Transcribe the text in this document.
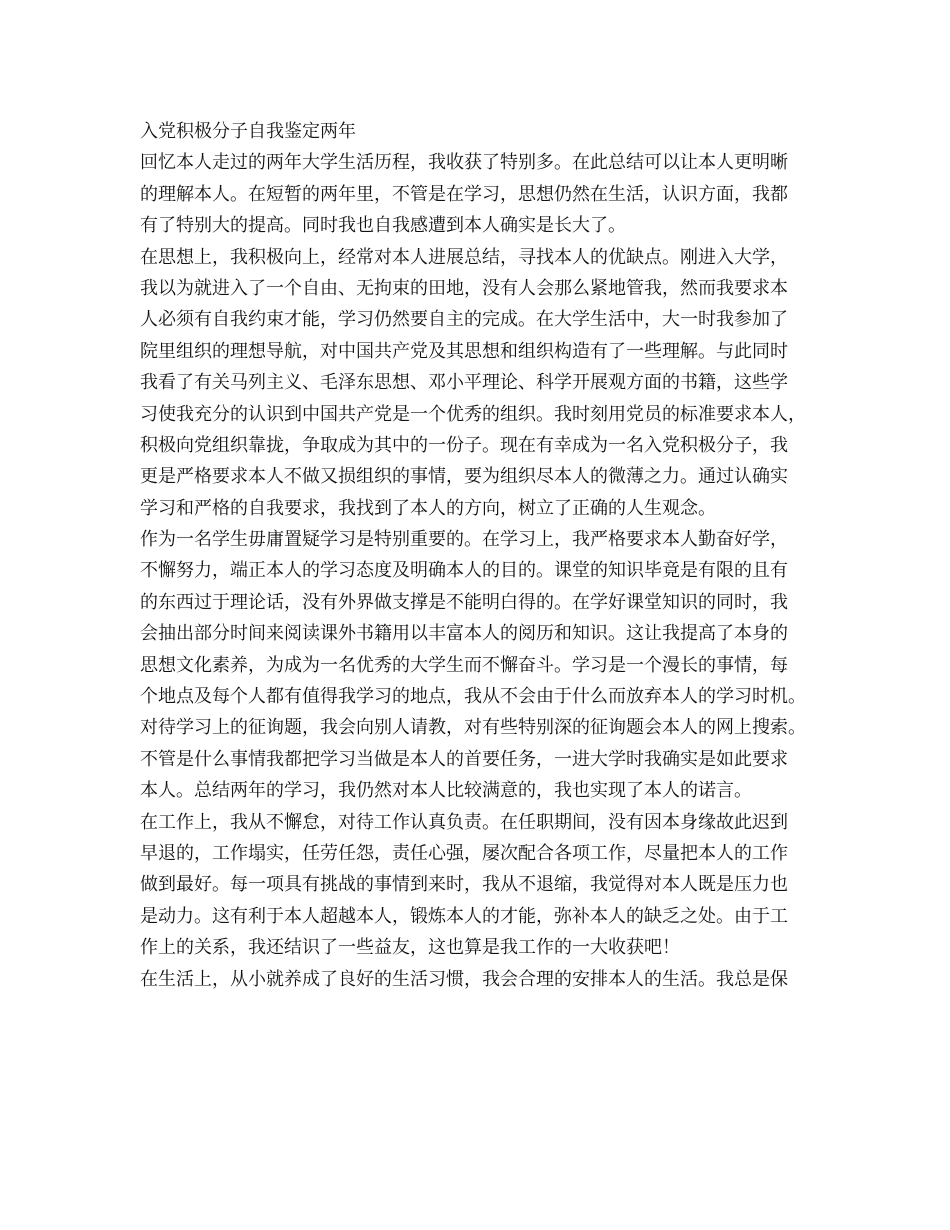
入党积极分子自我鉴定两年
回忆本人走过的两年大学生活历程，我收获了特别多。在此总结可以让本人更明晰
的理解本人。在短暂的两年里，不管是在学习，思想仍然在生活，认识方面，我都
有了特别大的提高。同时我也自我感遭到本人确实是长大了。
在思想上，我积极向上，经常对本人进展总结，寻找本人的优缺点。刚进入大学，
我以为就进入了一个自由、无拘束的田地，没有人会那么紧地管我，然而我要求本
人必须有自我约束才能，学习仍然要自主的完成。在大学生活中，大一时我参加了
院里组织的理想导航，对中国共产党及其思想和组织构造有了一些理解。与此同时
我看了有关马列主义、毛泽东思想、邓小平理论、科学开展观方面的书籍，这些学
习使我充分的认识到中国共产党是一个优秀的组织。我时刻用党员的标准要求本人，
积极向党组织靠拢，争取成为其中的一份子。现在有幸成为一名入党积极分子，我
更是严格要求本人不做又损组织的事情，要为组织尽本人的微薄之力。通过认确实
学习和严格的自我要求，我找到了本人的方向，树立了正确的人生观念。
作为一名学生毋庸置疑学习是特别重要的。在学习上，我严格要求本人勤奋好学，
不懈努力，端正本人的学习态度及明确本人的目的。课堂的知识毕竟是有限的且有
的东西过于理论话，没有外界做支撑是不能明白得的。在学好课堂知识的同时，我
会抽出部分时间来阅读课外书籍用以丰富本人的阅历和知识。这让我提高了本身的
思想文化素养，为成为一名优秀的大学生而不懈奋斗。学习是一个漫长的事情，每
个地点及每个人都有值得我学习的地点，我从不会由于什么而放弃本人的学习时机。
对待学习上的征询题，我会向别人请教，对有些特别深的征询题会本人的网上搜索。
不管是什么事情我都把学习当做是本人的首要任务，一进大学时我确实是如此要求
本人。总结两年的学习，我仍然对本人比较满意的，我也实现了本人的诺言。
在工作上，我从不懈怠，对待工作认真负责。在任职期间，没有因本身缘故此迟到
早退的，工作塌实，任劳任怨，责任心强，屡次配合各项工作，尽量把本人的工作
做到最好。每一项具有挑战的事情到来时，我从不退缩，我觉得对本人既是压力也
是动力。这有利于本人超越本人，锻炼本人的才能，弥补本人的缺乏之处。由于工
作上的关系，我还结识了一些益友，这也算是我工作的一大收获吧！
在生活上，从小就养成了良好的生活习惯，我会合理的安排本人的生活。我总是保
